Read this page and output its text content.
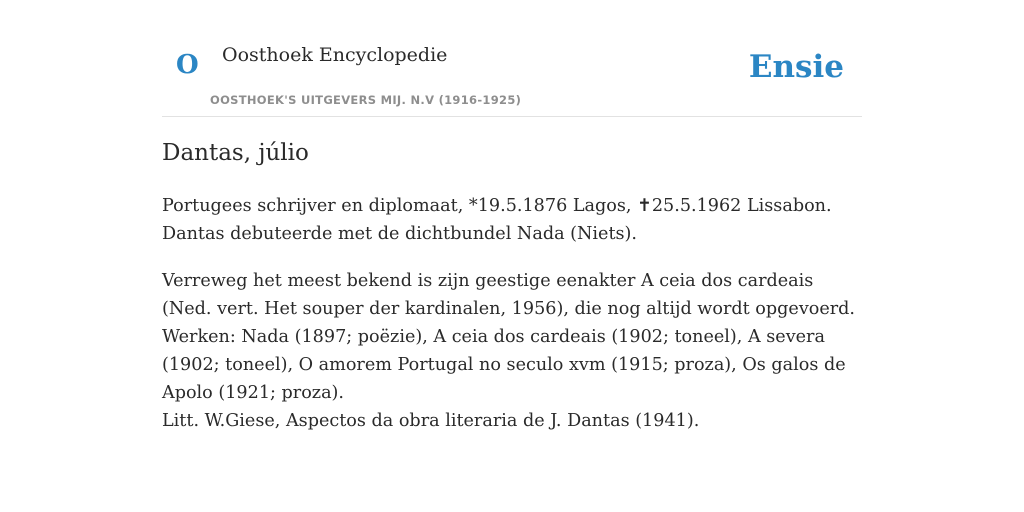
O Oosthoek Encyclopedie
OOSTHOEK'S UITGEVERS MIJ. N.V (1916-1925)
Ensie
Dantas, júlio

Portugees schrijver en diplomaat, *19.5.1876 Lagos, ✝25.5.1962 Lissabon. Dantas debuteerde met de dichtbundel Nada (Niets).

Verreweg het meest bekend is zijn geestige eenakter A ceia dos cardeais (Ned. vert. Het souper der kardinalen, 1956), die nog altijd wordt opgevoerd. Werken: Nada (1897; poëzie), A ceia dos cardeais (1902; toneel), A severa (1902; toneel), O amorem Portugal no seculo xvm (1915; proza), Os galos de Apolo (1921; proza).

Litt. W.Giese, Aspectos da obra literaria de J. Dantas (1941).
